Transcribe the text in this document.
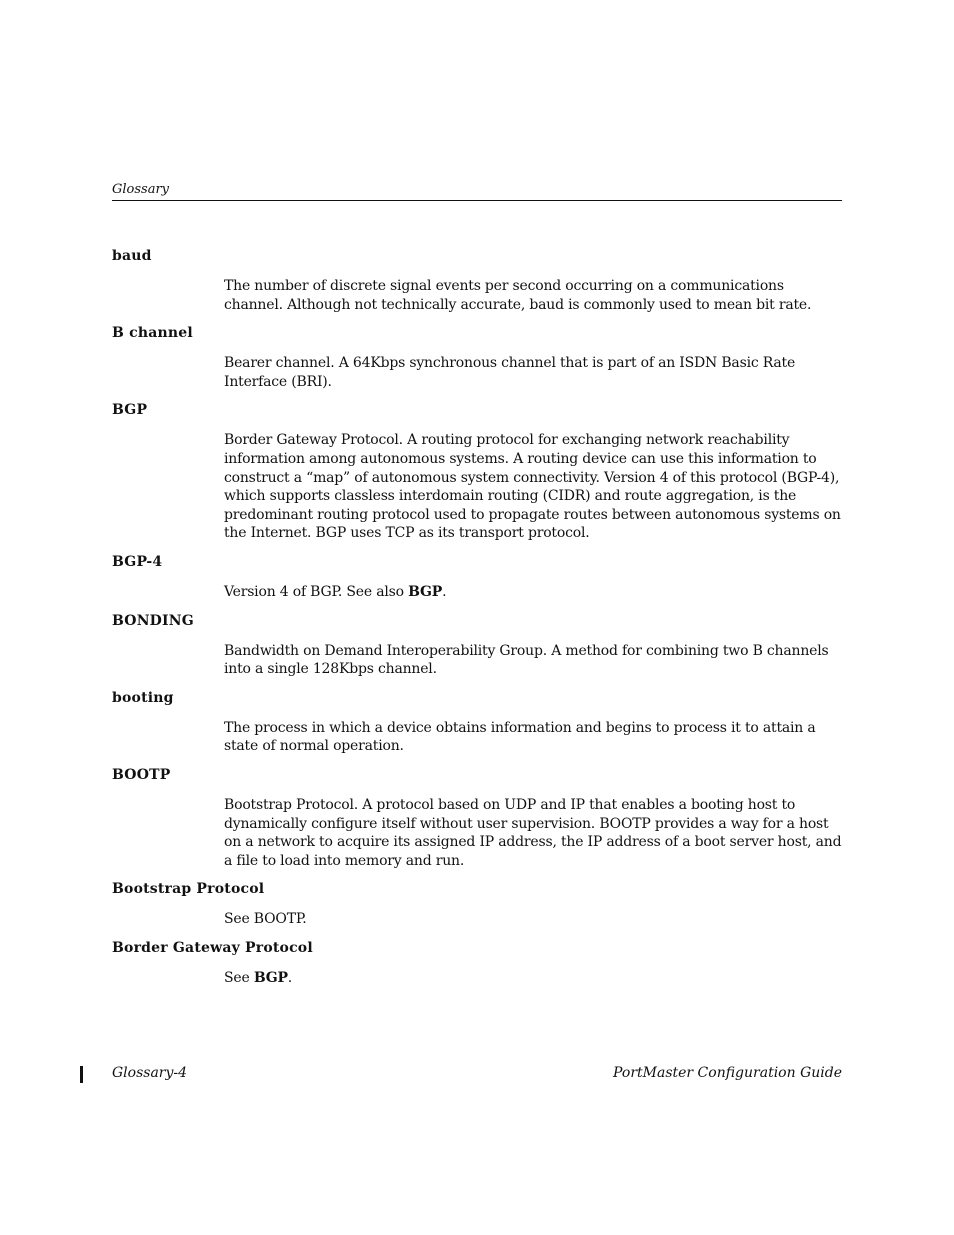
Glossary

baud

The number of discrete signal events per second occurring on a communications channel. Although not technically accurate, baud is commonly used to mean bit rate.

B channel

Bearer channel. A 64Kbps synchronous channel that is part of an ISDN Basic Rate Interface (BRI).

BGP

Border Gateway Protocol. A routing protocol for exchanging network reachability information among autonomous systems. A routing device can use this information to construct a “map” of autonomous system connectivity. Version 4 of this protocol (BGP-4), which supports classless interdomain routing (CIDR) and route aggregation, is the predominant routing protocol used to propagate routes between autonomous systems on the Internet. BGP uses TCP as its transport protocol.

BGP-4

Version 4 of BGP. See also BGP.

BONDING

Bandwidth on Demand Interoperability Group. A method for combining two B channels into a single 128Kbps channel.

booting

The process in which a device obtains information and begins to process it to attain a state of normal operation.

BOOTP

Bootstrap Protocol. A protocol based on UDP and IP that enables a booting host to dynamically configure itself without user supervision. BOOTP provides a way for a host on a network to acquire its assigned IP address, the IP address of a boot server host, and a file to load into memory and run.

Bootstrap Protocol

See BOOTP.

Border Gateway Protocol

See BGP.

Glossary-4	PortMaster Configuration Guide
